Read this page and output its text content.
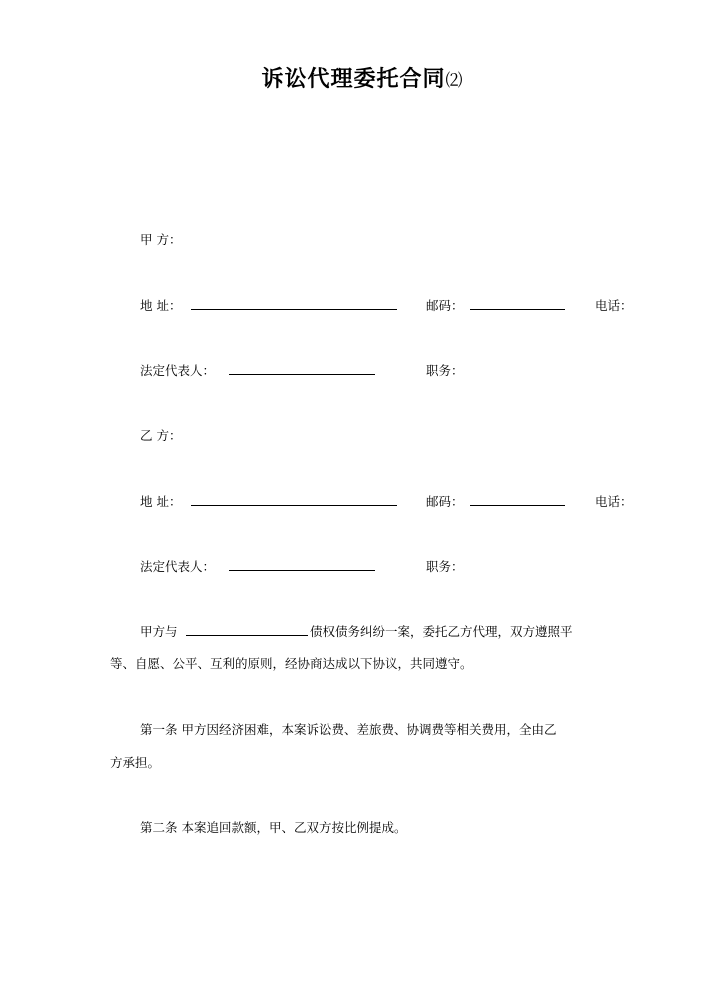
诉讼代理委托合同⑵
甲 方：
地 址：	邮码：	电话：
法定代表人：	职务：
乙 方：
地 址：	邮码：	电话：
法定代表人：	职务：
甲方与	债权债务纠纷一案，委托乙方代理，双方遵照平
等、自愿、公平、互利的原则，经协商达成以下协议，共同遵守。
第一条 甲方因经济困难，本案诉讼费、差旅费、协调费等相关费用，全由乙
方承担。
第二条 本案追回款额，甲、乙双方按比例提成。
